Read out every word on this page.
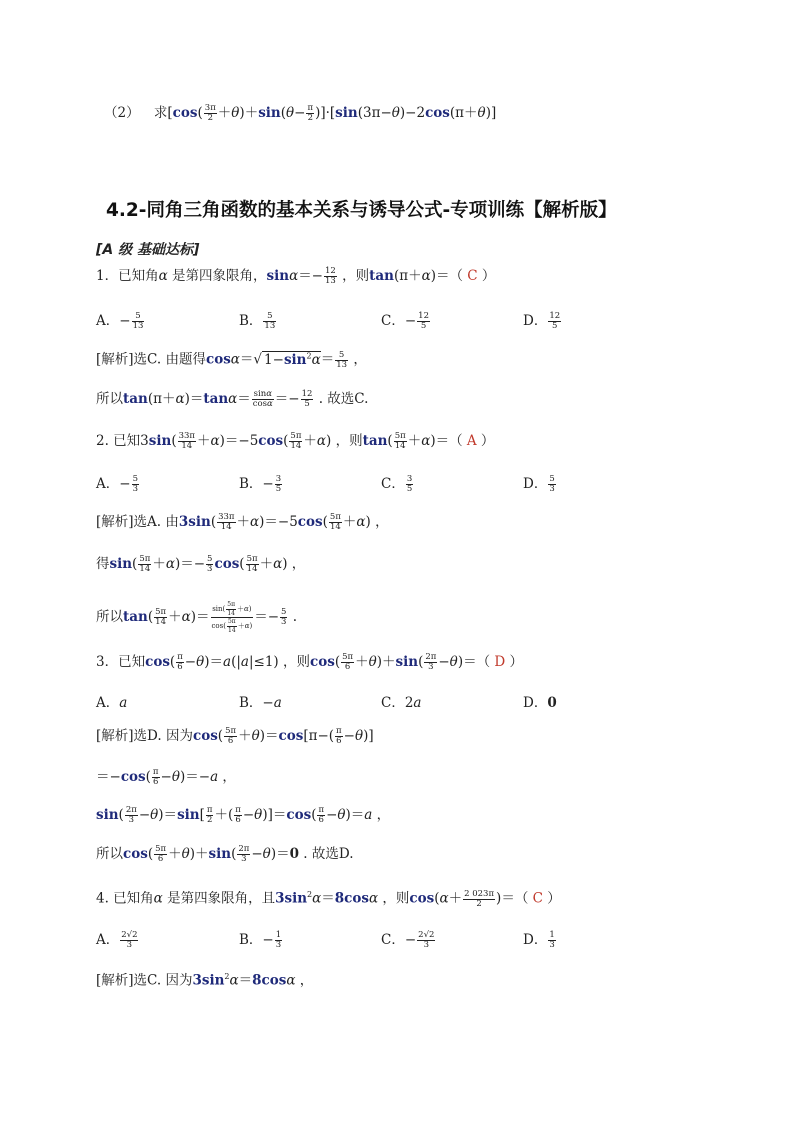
（2） 求$[\cos( \frac{3\pi}{2} +\theta)+\sin(\theta- \frac{\pi}{2} )]\cdot[\sin(3\pi-\theta)-2\cos(\pi+\theta)]$
4.2-同角三角函数的基本关系与诱导公式-专项训练【解析版】
[A 级 基础达标]
1．已知角α 是第四象限角，$\sin\alpha=- \frac{12}{13}$ ，则tan(π＋α)＝（ C ）
A．− $\frac{5}{13}$	B． $\frac{5}{13}$	C．− $\frac{12}{5}$	D． $\frac{12}{5}$
[解析]选C. 由题得cosα＝√ $1-\sin^2\alpha= \frac{5}{13}$ ，
所以$\tan(\pi+\alpha)=\tan\alpha= \frac{\sin\alpha}{\cos\alpha} =- \frac{12}{5}$ . 故选C.
2. 已知$3\sin( \frac{33\pi}{14} +\alpha)=-5\cos( \frac{5\pi}{14} +\alpha)$ ，则$\tan( \frac{5\pi}{14} +\alpha)=$（ A ）
A．− $\frac{5}{3}$	B．− $\frac{3}{5}$	C． $\frac{3}{5}$	D． $\frac{5}{3}$
[解析]选A. 由$3\sin( \frac{33\pi}{14} +\alpha)=-5\cos( \frac{5\pi}{14} +\alpha)$ ，
得$\sin( \frac{5\pi}{14} +\alpha)=- \frac{5}{3} \cos( \frac{5\pi}{14} +\alpha)$ ，
所以$\tan( \frac{5\pi}{14} +\alpha)= \frac{\sin( \frac{5\pi}{14} +\alpha)}{\cos( \frac{5\pi}{14} +\alpha)} =- \frac{5}{3}$ .
3．已知$\cos( \frac{\pi}{6} -\theta)=a(|a|\le 1)$ ，则$\cos( \frac{5\pi}{6} +\theta)+\sin( \frac{2\pi}{3} -\theta)=$（ D ）
A．a	B．−a	C．2a	D．0
[解析]选D. 因为$\cos( \frac{5\pi}{6} +\theta)=\cos[\pi-( \frac{\pi}{6} -\theta)]$
$=-\cos( \frac{\pi}{6} -\theta)=-a$ ，
$\sin( \frac{2\pi}{3} -\theta)=\sin[ \frac{\pi}{2}$ ＋( $\frac{\pi}{6} -\theta)]=\cos( \frac{\pi}{6} -\theta)=a$ ，
所以$\cos( \frac{5\pi}{6} +\theta)+\sin( \frac{2\pi}{3} -\theta)=0$ . 故选D.
4. 已知角α 是第四象限角，且$3\sin^2\alpha=8\cos\alpha$ ，则$\cos(\alpha+ \frac{2 023\pi}{2}$ )＝（ C ）
A． $\frac{2√2}{3}$	B．− $\frac{1}{3}$	C．− $\frac{2√2}{3}$	D． $\frac{1}{3}$
[解析]选C. 因为$3\sin^2\alpha=8\cos\alpha$ ，
